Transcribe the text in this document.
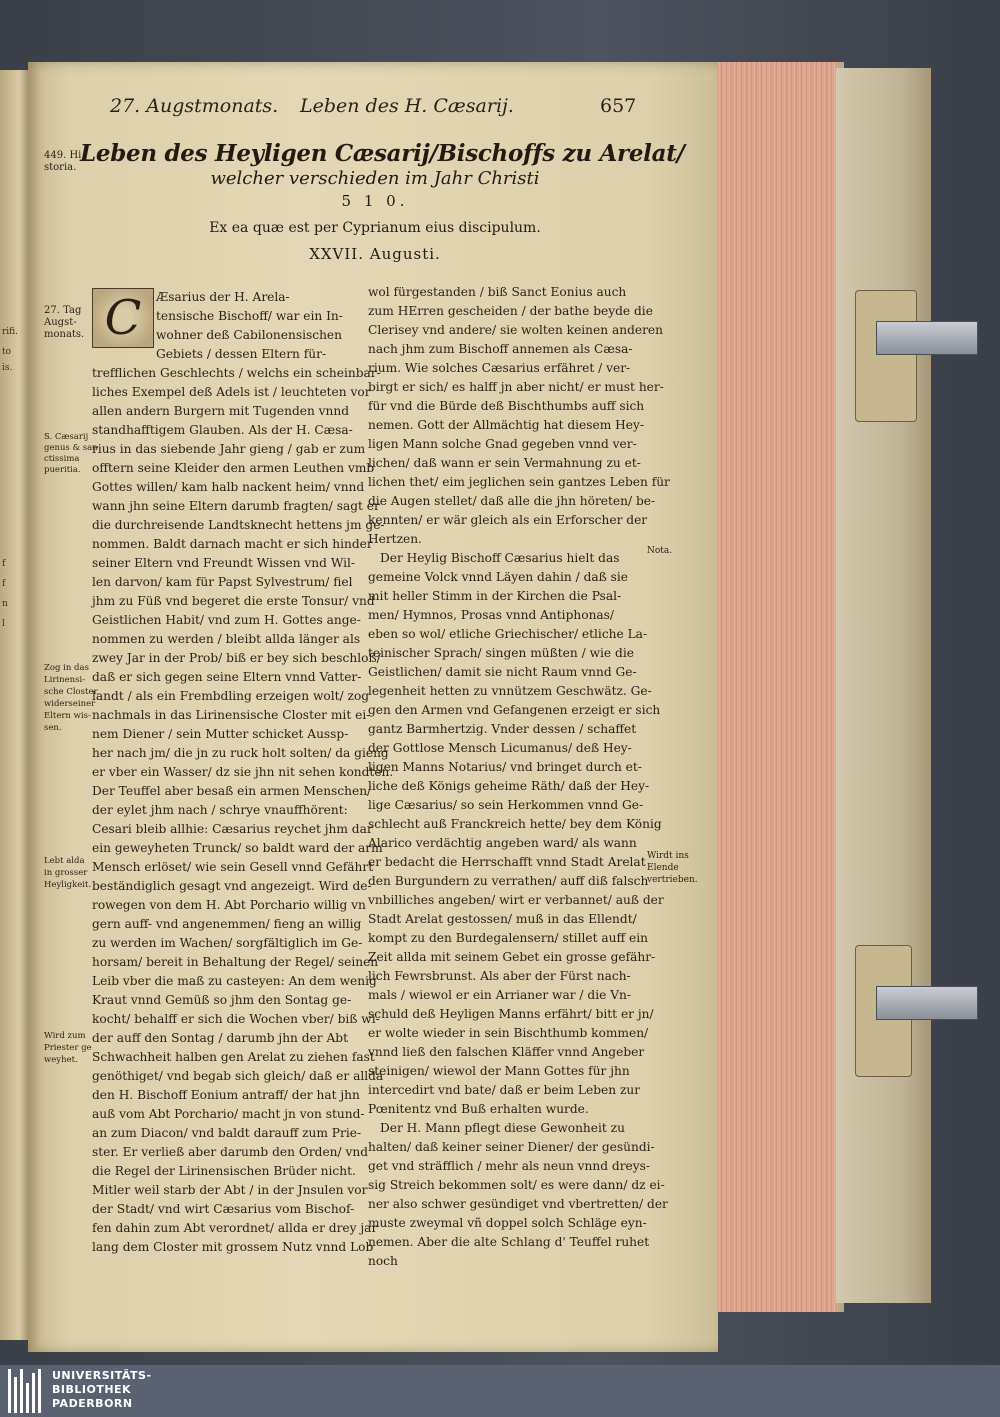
rifi.
to
is.
f
f
n
l
27. Augstmonats. Leben des H. Cæsarij.	657
Leben des Heyligen Cæsarij/Bischoffs zu Arelat/
welcher verschieden im Jahr Christi
5 1 0.
Ex ea quæ est per Cyprianum eius discipulum.
XXVII. Augusti.
C
449. Hi
storia.
27. Tag
Augst-
monats.
S. Cæsarij
genus & san
ctissima
pueritia.
Zog in das
Lirinensi-
sche Closter
widerseiner
Eltern wis-
sen.
Lebt alda
in grosser
Heyligkeit.
Wird zum
Priester ge
weyhet.
Nota.
Wirdt ins
Elende
vertrieben.
Æsarius der H. Arela-
tensische Bischoff/ war ein In-
wohner deß Cabilonensischen
Gebiets / dessen Eltern für-
trefflichen Geschlechts / welchs ein scheinbar-
liches Exempel deß Adels ist / leuchteten vor
allen andern Burgern mit Tugenden vnnd
standhafftigem Glauben. Als der H. Cæsa-
rius in das siebende Jahr gieng / gab er zum
offtern seine Kleider den armen Leuthen vmb
Gottes willen/ kam halb nackent heim/ vnnd
wann jhn seine Eltern darumb fragten/ sagt er
die durchreisende Landtsknecht hettens jm ge-
nommen. Baldt darnach macht er sich hinder
seiner Eltern vnd Freundt Wissen vnd Wil-
len darvon/ kam für Papst Sylvestrum/ fiel
jhm zu Füß vnd begeret die erste Tonsur/ vnd
Geistlichen Habit/ vnd zum H. Gottes ange-
nommen zu werden / bleibt allda länger als
zwey Jar in der Prob/ biß er bey sich beschloß/
daß er sich gegen seine Eltern vnnd Vatter-
landt / als ein Frembdling erzeigen wolt/ zog
nachmals in das Lirinensische Closter mit ei-
nem Diener / sein Mutter schicket Aussp-
her nach jm/ die jn zu ruck holt solten/ da gieng
er vber ein Wasser/ dz sie jhn nit sehen kondten.
Der Teuffel aber besaß ein armen Menschen/
der eylet jhm nach / schrye vnauffhörent:
Cesari bleib allhie: Cæsarius reychet jhm dar
ein geweyheten Trunck/ so baldt ward der arm
Mensch erlöset/ wie sein Gesell vnnd Gefährt
beständiglich gesagt vnd angezeigt. Wird de-
rowegen von dem H. Abt Porchario willig vn
gern auff- vnd angenemmen/ fieng an willig
zu werden im Wachen/ sorgfältiglich im Ge-
horsam/ bereit in Behaltung der Regel/ seinen
Leib vber die maß zu casteyen: An dem wenig
Kraut vnnd Gemüß so jhm den Sontag ge-
kocht/ behalff er sich die Wochen vber/ biß wi-
der auff den Sontag / darumb jhn der Abt
Schwachheit halben gen Arelat zu ziehen fast
genöthiget/ vnd begab sich gleich/ daß er allda
den H. Bischoff Eonium antraff/ der hat jhn
auß vom Abt Porchario/ macht jn von stund-
an zum Diacon/ vnd baldt darauff zum Prie-
ster. Er verließ aber darumb den Orden/ vnd
die Regel der Lirinensischen Brüder nicht.
Mitler weil starb der Abt / in der Jnsulen vor
der Stadt/ vnd wirt Cæsarius vom Bischof-
fen dahin zum Abt verordnet/ allda er drey jar
lang dem Closter mit grossem Nutz vnnd Lob
wol fürgestanden / biß Sanct Eonius auch
zum HErren gescheiden / der bathe beyde die
Clerisey vnd andere/ sie wolten keinen anderen
nach jhm zum Bischoff annemen als Cæsa-
rium. Wie solches Cæsarius erfähret / ver-
birgt er sich/ es halff jn aber nicht/ er must her-
für vnd die Bürde deß Bischthumbs auff sich
nemen. Gott der Allmächtig hat diesem Hey-
ligen Mann solche Gnad gegeben vnnd ver-
lichen/ daß wann er sein Vermahnung zu et-
lichen thet/ eim jeglichen sein gantzes Leben für
die Augen stellet/ daß alle die jhn höreten/ be-
kennten/ er wär gleich als ein Erforscher der
Hertzen.
Der Heylig Bischoff Cæsarius hielt das
gemeine Volck vnnd Läyen dahin / daß sie
mit heller Stimm in der Kirchen die Psal-
men/ Hymnos, Prosas vnnd Antiphonas/
eben so wol/ etliche Griechischer/ etliche La-
teinischer Sprach/ singen müßten / wie die
Geistlichen/ damit sie nicht Raum vnnd Ge-
legenheit hetten zu vnnützem Geschwätz. Ge-
gen den Armen vnd Gefangenen erzeigt er sich
gantz Barmhertzig. Vnder dessen / schaffet
der Gottlose Mensch Licumanus/ deß Hey-
ligen Manns Notarius/ vnd bringet durch et-
liche deß Königs geheime Räth/ daß der Hey-
lige Cæsarius/ so sein Herkommen vnnd Ge-
schlecht auß Franckreich hette/ bey dem König
Alarico verdächtig angeben ward/ als wann
er bedacht die Herrschafft vnnd Stadt Arelat
den Burgundern zu verrathen/ auff diß falsch
vnbilliches angeben/ wirt er verbannet/ auß der
Stadt Arelat gestossen/ muß in das Ellendt/
kompt zu den Burdegalensern/ stillet auff ein
Zeit allda mit seinem Gebet ein grosse gefähr-
lich Fewrsbrunst. Als aber der Fürst nach-
mals / wiewol er ein Arrianer war / die Vn-
schuld deß Heyligen Manns erfährt/ bitt er jn/
er wolte wieder in sein Bischthumb kommen/
vnnd ließ den falschen Kläffer vnnd Angeber
steinigen/ wiewol der Mann Gottes für jhn
intercedirt vnd bate/ daß er beim Leben zur
Pœnitentz vnd Buß erhalten wurde.
Der H. Mann pflegt diese Gewonheit zu
halten/ daß keiner seiner Diener/ der gesündi-
get vnd sträfflich / mehr als neun vnnd dreys-
sig Streich bekommen solt/ es were dann/ dz ei-
ner also schwer gesündiget vnd vbertretten/ der
muste zweymal vñ doppel solch Schläge eyn-
nemen. Aber die alte Schlang d' Teuffel ruhet
noch
UNIVERSITÄTS-
BIBLIOTHEK
PADERBORN
